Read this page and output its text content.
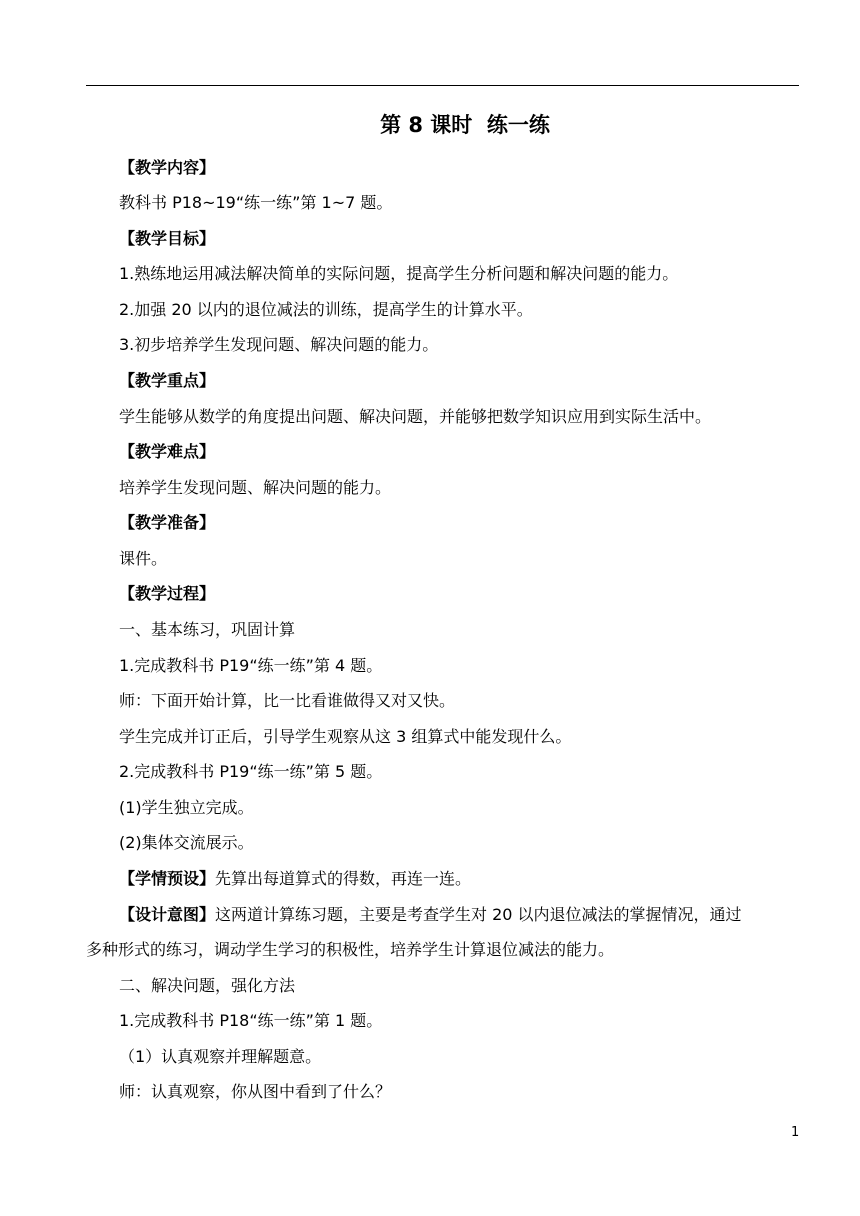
第 8 课时  练一练
【教学内容】
教科书 P18~19“练一练”第 1~7 题。
【教学目标】
1.熟练地运用减法解决简单的实际问题，提高学生分析问题和解决问题的能力。
2.加强 20 以内的退位减法的训练，提高学生的计算水平。
3.初步培养学生发现问题、解决问题的能力。
【教学重点】
学生能够从数学的角度提出问题、解决问题，并能够把数学知识应用到实际生活中。
【教学难点】
培养学生发现问题、解决问题的能力。
【教学准备】
课件。
【教学过程】
一、基本练习，巩固计算
1.完成教科书 P19“练一练”第 4 题。
师：下面开始计算，比一比看谁做得又对又快。
学生完成并订正后，引导学生观察从这 3 组算式中能发现什么。
2.完成教科书 P19“练一练”第 5 题。
(1)学生独立完成。
(2)集体交流展示。
【学情预设】先算出每道算式的得数，再连一连。
【设计意图】这两道计算练习题，主要是考查学生对 20 以内退位减法的掌握情况，通过
多种形式的练习，调动学生学习的积极性，培养学生计算退位减法的能力。
二、解决问题，强化方法
1.完成教科书 P18“练一练”第 1 题。
（1）认真观察并理解题意。
师：认真观察，你从图中看到了什么？
1
